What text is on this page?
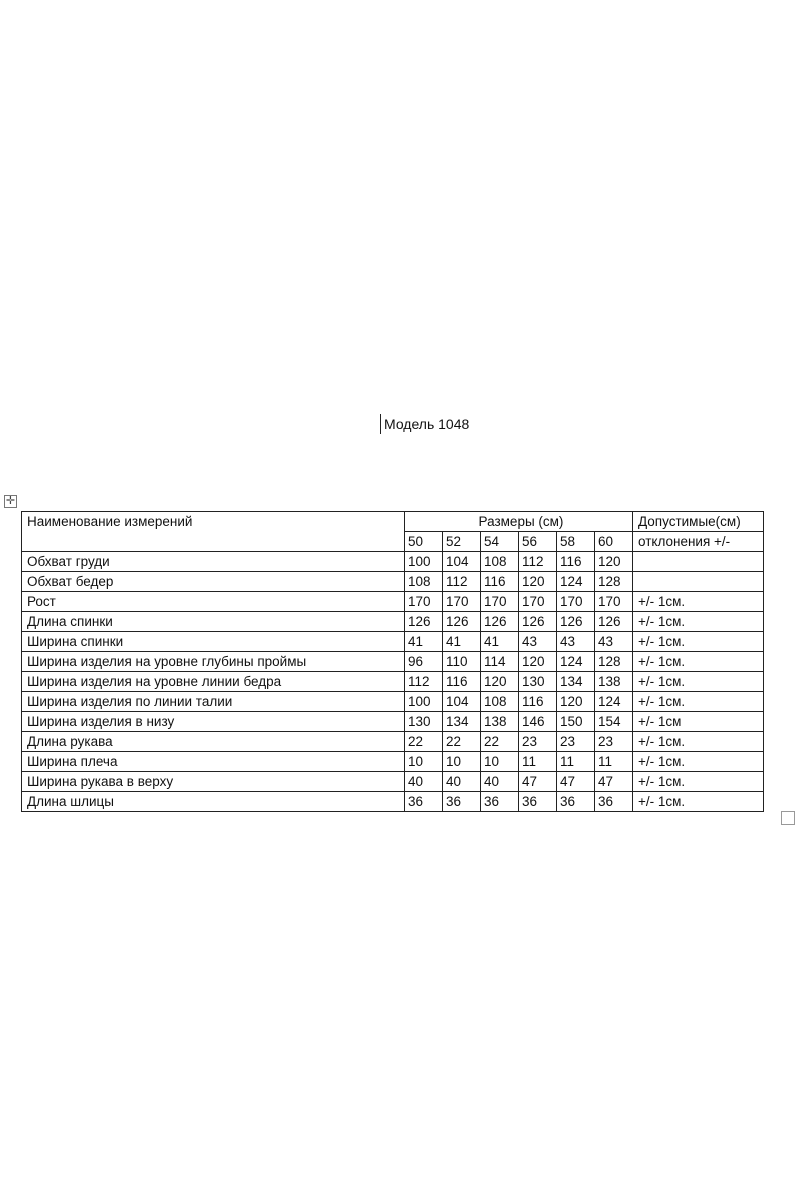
Модель 1048
✛
Наименование измерений	Размеры (см)						Допустимые(см)
	50	52	54	56	58	60	отклонения +/-
Обхват груди	100	104	108	112	116	120	
Обхват бедер	108	112	116	120	124	128	
Рост	170	170	170	170	170	170	+/- 1см.
Длина спинки	126	126	126	126	126	126	+/- 1см.
Ширина спинки	41	41	41	43	43	43	+/- 1см.
Ширина изделия на уровне глубины проймы	96	110	114	120	124	128	+/- 1см.
Ширина изделия на уровне линии бедра	112	116	120	130	134	138	+/- 1см.
Ширина изделия по линии талии	100	104	108	116	120	124	+/- 1см.
Ширина изделия в низу	130	134	138	146	150	154	+/- 1см
Длина рукава	22	22	22	23	23	23	+/- 1см.
Ширина плеча	10	10	10	11	11	11	+/- 1см.
Ширина рукава в верху	40	40	40	47	47	47	+/- 1см.
Длина шлицы	36	36	36	36	36	36	+/- 1см.
